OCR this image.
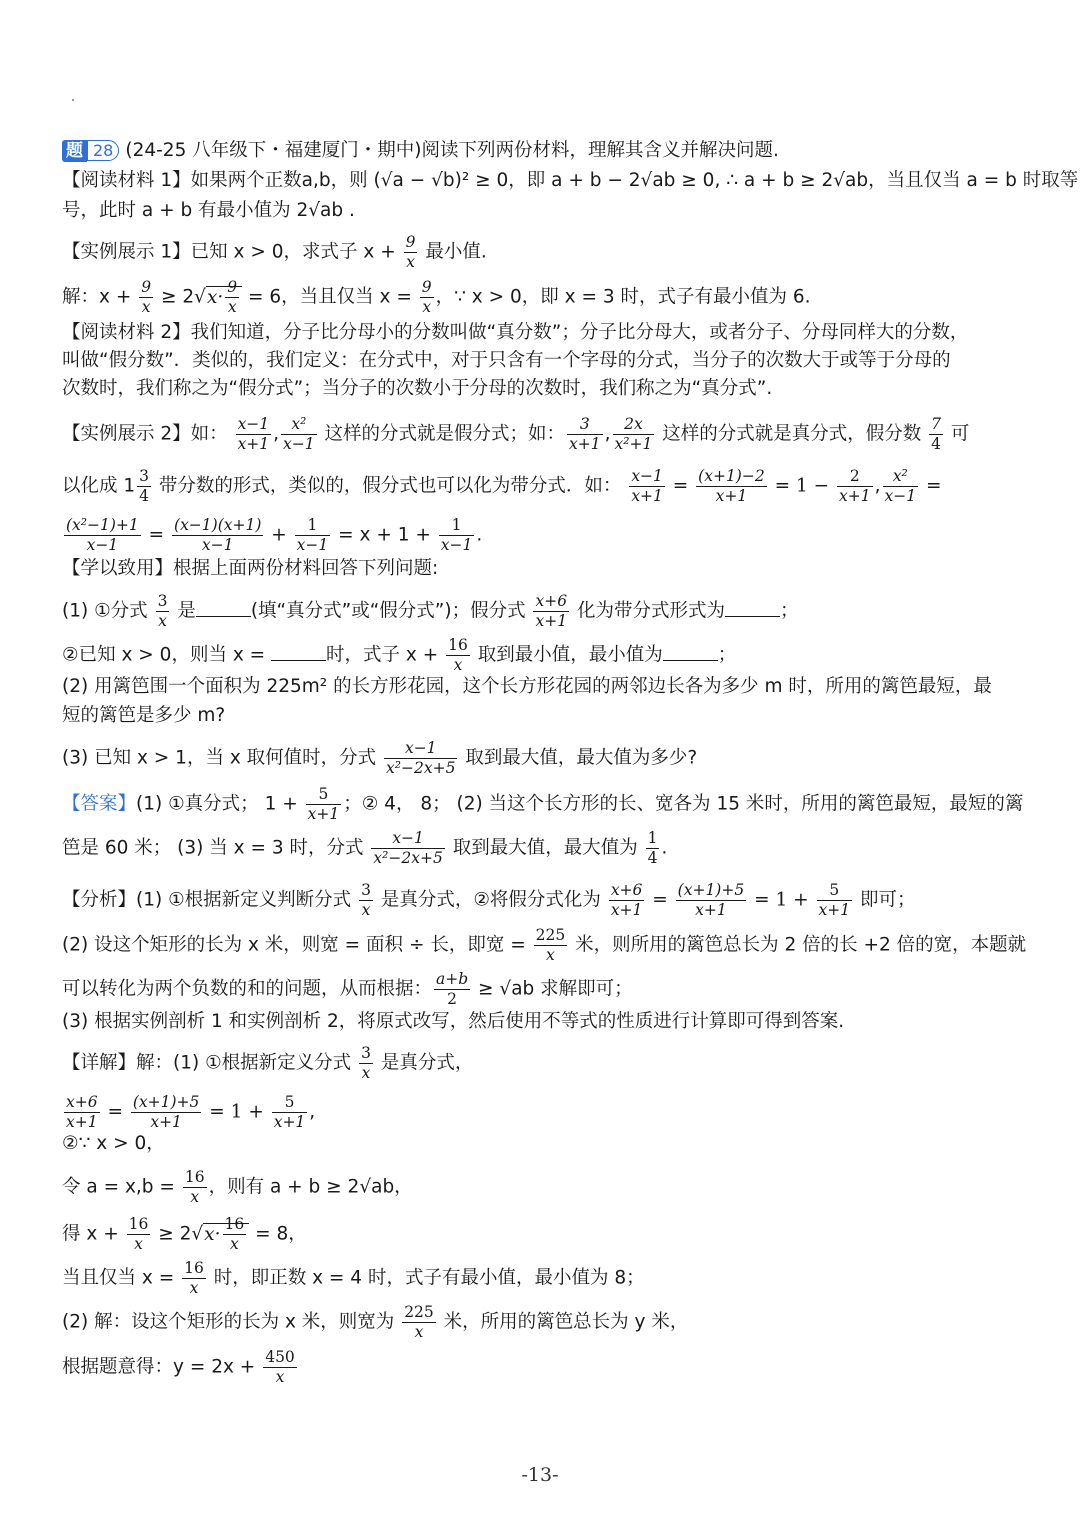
题 28 (24-25 八年级下・福建厦门・期中)阅读下列两份材料，理解其含义并解决问题.
【阅读材料 1】如果两个正数a,b，则 (√a − √b)² ≥ 0，即 a + b − 2√ab ≥ 0, ∴ a + b ≥ 2√ab，当且仅当 a = b 时取等
号，此时 a + b 有最小值为 2√ab .
【实例展示 1】已知 x > 0，求式子 $x + \frac{9}{x}$ 最小值.
解：$x + \frac{9}{x} \ge 2√x\cdot \frac{9}{x} = 6$，当且仅当 $x = \frac{9}{x}$ ，∵ x > 0，即 x = 3 时，式子有最小值为 6.
【阅读材料 2】我们知道，分子比分母小的分数叫做“真分数”；分子比分母大，或者分子、分母同样大的分数，
叫做“假分数”．类似的，我们定义：在分式中，对于只含有一个字母的分式，当分子的次数大于或等于分母的
次数时，我们称之为“假分式”；当分子的次数小于分母的次数时，我们称之为“真分式”.
【实例展示 2】如： $\frac{x-1}{x+1}$ , $\frac{\text{x²}}{x-1}$ 这样的分式就是假分式；如： $\frac{3}{x+1}$ , $\frac{2x}{\text{x²+1}}$ 这样的分式就是真分式，假分数 $\frac{7}{4}$ 可
以化成 $1 \frac{3}{4}$ 带分数的形式，类似的，假分式也可以化为带分式．如： $\frac{x-1}{x+1} = \frac{(x+1)-2}{x+1} = 1 - \frac{2}{x+1}$ , $\frac{\text{x²}}{x-1}$ =
$\frac{\text{(x²−1)+1}}{x-1} = \frac{(x-1)(x+1)}{x-1} + \frac{1}{x-1} = x + 1 + \frac{1}{x-1}$ .
【学以致用】根据上面两份材料回答下列问题:
(1) ①分式 $\frac{3}{x}$ 是	(填“真分式”或“假分式”)；假分式 $\frac{x+6}{x+1}$ 化为带分式形式为	；
②已知 x > 0，则当 x =	时，式子 $x + \frac{16}{x}$ 取到最小值，最小值为	；
(2) 用篱笆围一个面积为 225m² 的长方形花园，这个长方形花园的两邻边长各为多少 m 时，所用的篱笆最短，最
短的篱笆是多少 m?
(3) 已知 x > 1，当 x 取何值时，分式 $\frac{x-1}{\text{x²−2x+5}}$ 取到最大值，最大值为多少?
【答案】(1) ①真分式； $1 + \frac{5}{x+1}$ ；② 4， 8； (2) 当这个长方形的长、宽各为 15 米时，所用的篱笆最短，最短的篱
笆是 60 米； (3) 当 x = 3 时，分式 $\frac{x-1}{\text{x²−2x+5}}$ 取到最大值，最大值为 $\frac{1}{4}$ .
【分析】(1) ①根据新定义判断分式 $\frac{3}{x}$ 是真分式，②将假分式化为 $\frac{x+6}{x+1} = \frac{(x+1)+5}{x+1} = 1 + \frac{5}{x+1}$ 即可；
(2) 设这个矩形的长为 x 米，则宽 = 面积 ÷ 长，即宽 = $\frac{225}{x}$ 米，则所用的篱笆总长为 2 倍的长 +2 倍的宽，本题就
可以转化为两个负数的和的问题，从而根据： $\frac{a+b}{2} \ge √ab$ 求解即可；
(3) 根据实例剖析 1 和实例剖析 2，将原式改写，然后使用不等式的性质进行计算即可得到答案.
【详解】解：(1) ①根据新定义分式 $\frac{3}{x}$ 是真分式，
$\frac{x+6}{x+1} = \frac{(x+1)+5}{x+1} = 1 + \frac{5}{x+1}$ ,
②∵ x > 0，
令 $a = x,b = \frac{16}{x}$ ，则有 a + b ≥ 2√ab，
得 $x + \frac{16}{x} \ge 2√x\cdot \frac{16}{x} = 8$，
当且仅当 $x = \frac{16}{x}$ 时，即正数 x = 4 时，式子有最小值，最小值为 8；
(2) 解：设这个矩形的长为 x 米，则宽为 $\frac{225}{x}$ 米，所用的篱笆总长为 y 米，
根据题意得：$y = 2x + \frac{450}{x}$
-13-
